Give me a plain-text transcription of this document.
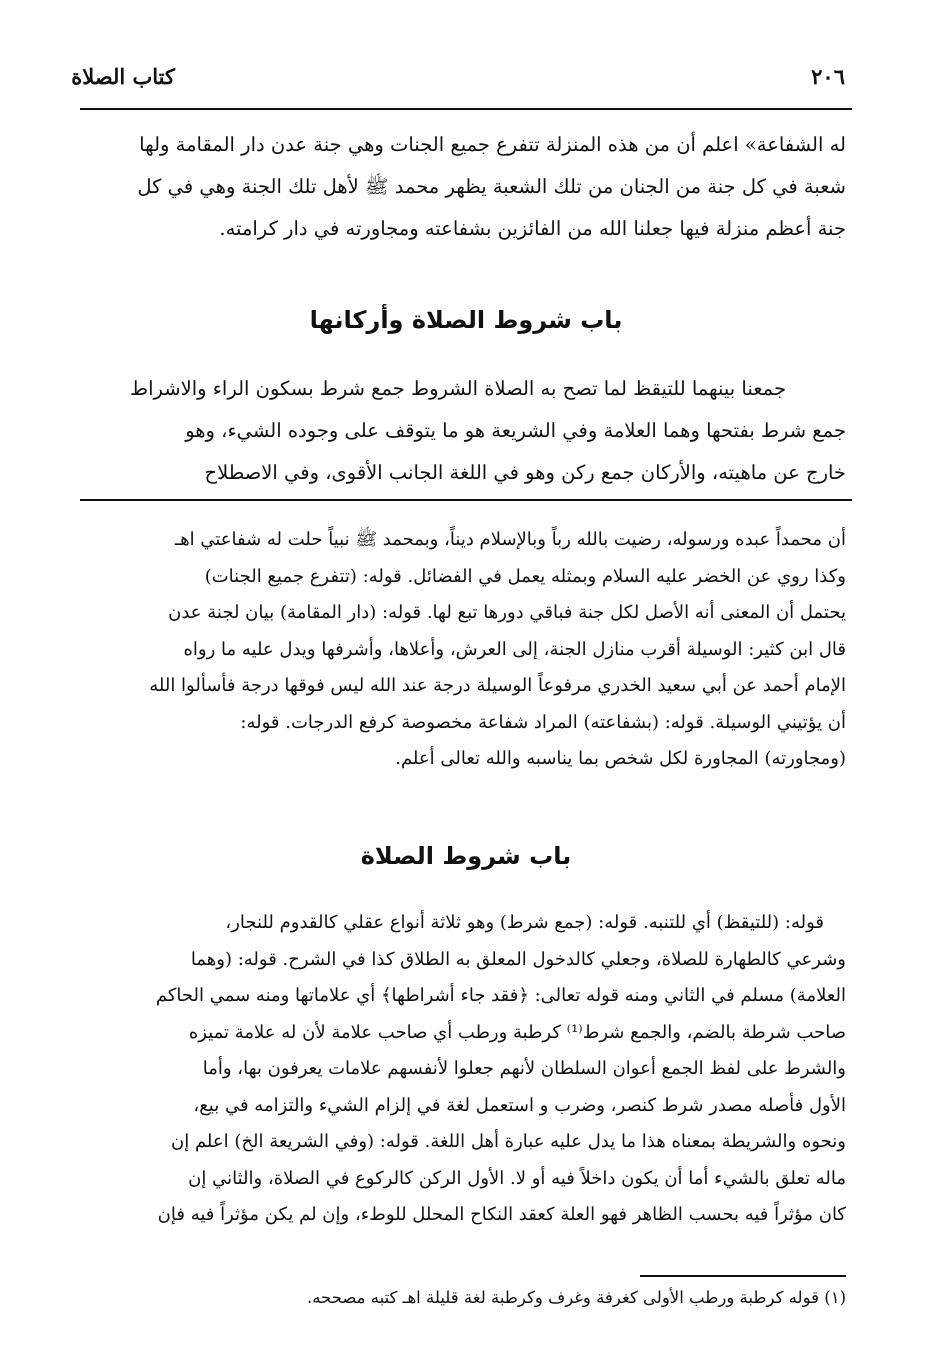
كتاب الصلاة	٢٠٦
له الشفاعة» اعلم أن من هذه المنزلة تتفرع جميع الجنات وهي جنة عدن دار المقامة ولها
شعبة في كل جنة من الجنان من تلك الشعبة يظهر محمد ﷺ لأهل تلك الجنة وهي في كل
جنة أعظم منزلة فيها جعلنا الله من الفائزين بشفاعته ومجاورته في دار كرامته.
باب شروط الصلاة وأركانها
جمعنا بينهما للتيقظ لما تصح به الصلاة الشروط جمع شرط بسكون الراء والاشراط
جمع شرط بفتحها وهما العلامة وفي الشريعة هو ما يتوقف على وجوده الشيء، وهو
خارج عن ماهيته، والأركان جمع ركن وهو في اللغة الجانب الأقوى، وفي الاصطلاح
أن محمداً عبده ورسوله، رضيت بالله رباً وبالإسلام ديناً، وبمحمد ﷺ نبياً حلت له شفاعتي اهـ
وكذا روي عن الخضر عليه السلام وبمثله يعمل في الفضائل. قوله: (تتفرع جميع الجنات)
يحتمل أن المعنى أنه الأصل لكل جنة فباقي دورها تبع لها. قوله: (دار المقامة) بيان لجنة عدن
قال ابن كثير: الوسيلة أقرب منازل الجنة، إلى العرش، وأعلاها، وأشرفها ويدل عليه ما رواه
الإمام أحمد عن أبي سعيد الخدري مرفوعاً الوسيلة درجة عند الله ليس فوقها درجة فأسألوا الله
أن يؤتيني الوسيلة. قوله: (بشفاعته) المراد شفاعة مخصوصة كرفع الدرجات. قوله:
(ومجاورته) المجاورة لكل شخص بما يناسبه والله تعالى أعلم.
باب شروط الصلاة
قوله: (للتيقظ) أي للتنبه. قوله: (جمع شرط) وهو ثلاثة أنواع عقلي كالقدوم للنجار،
وشرعي كالطهارة للصلاة، وجعلي كالدخول المعلق به الطلاق كذا في الشرح. قوله: (وهما
العلامة) مسلم في الثاني ومنه قوله تعالى: ﴿فقد جاء أشراطها﴾ أي علاماتها ومنه سمي الحاكم
صاحب شرطة بالضم، والجمع شرط⁽¹⁾ كرطبة ورطب أي صاحب علامة لأن له علامة تميزه
والشرط على لفظ الجمع أعوان السلطان لأنهم جعلوا لأنفسهم علامات يعرفون بها، وأما
الأول فأصله مصدر شرط كنصر، وضرب و استعمل لغة في إلزام الشيء والتزامه في بيع،
ونحوه والشريطة بمعناه هذا ما يدل عليه عبارة أهل اللغة. قوله: (وفي الشريعة الخ) اعلم إن
ماله تعلق بالشيء أما أن يكون داخلاً فيه أو لا. الأول الركن كالركوع في الصلاة، والثاني إن
كان مؤثراً فيه بحسب الظاهر فهو العلة كعقد النكاح المحلل للوطء، وإن لم يكن مؤثراً فيه فإن
(١) قوله كرطبة ورطب الأولى كغرفة وغرف وكرطبة لغة قليلة اهـ كتبه مصححه.
